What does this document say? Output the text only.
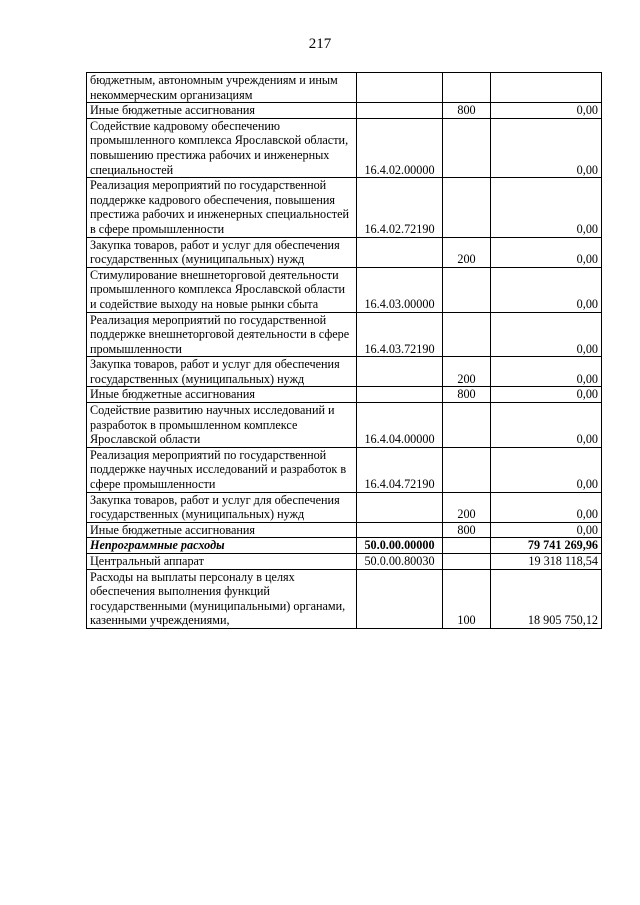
217
бюджетным, автономным учреждениям и иным некоммерческим организациям			
Иные бюджетные ассигнования		800	0,00
Содействие кадровому обеспечению промышленного комплекса Ярославской области, повышению престижа рабочих и инженерных специальностей	16.4.02.00000		0,00
Реализация мероприятий по государственной поддержке кадрового обеспечения, повышения престижа рабочих и инженерных специальностей в сфере промышленности	16.4.02.72190		0,00
Закупка товаров, работ и услуг для обеспечения государственных (муниципальных) нужд		200	0,00
Стимулирование внешнеторговой деятельности промышленного комплекса Ярославской области и содействие выходу на новые рынки сбыта	16.4.03.00000		0,00
Реализация мероприятий по государственной поддержке внешнеторговой деятельности в сфере промышленности	16.4.03.72190		0,00
Закупка товаров, работ и услуг для обеспечения государственных (муниципальных) нужд		200	0,00
Иные бюджетные ассигнования		800	0,00
Содействие развитию научных исследований и разработок в промышленном комплексе Ярославской области	16.4.04.00000		0,00
Реализация мероприятий по государственной поддержке научных исследований и разработок в сфере промышленности	16.4.04.72190		0,00
Закупка товаров, работ и услуг для обеспечения государственных (муниципальных) нужд		200	0,00
Иные бюджетные ассигнования		800	0,00
Непрограммные расходы	50.0.00.00000		79 741 269,96
Центральный аппарат	50.0.00.80030		19 318 118,54
Расходы на выплаты персоналу в целях обеспечения выполнения функций государственными (муниципальными) органами, казенными учреждениями,		100	18 905 750,12
